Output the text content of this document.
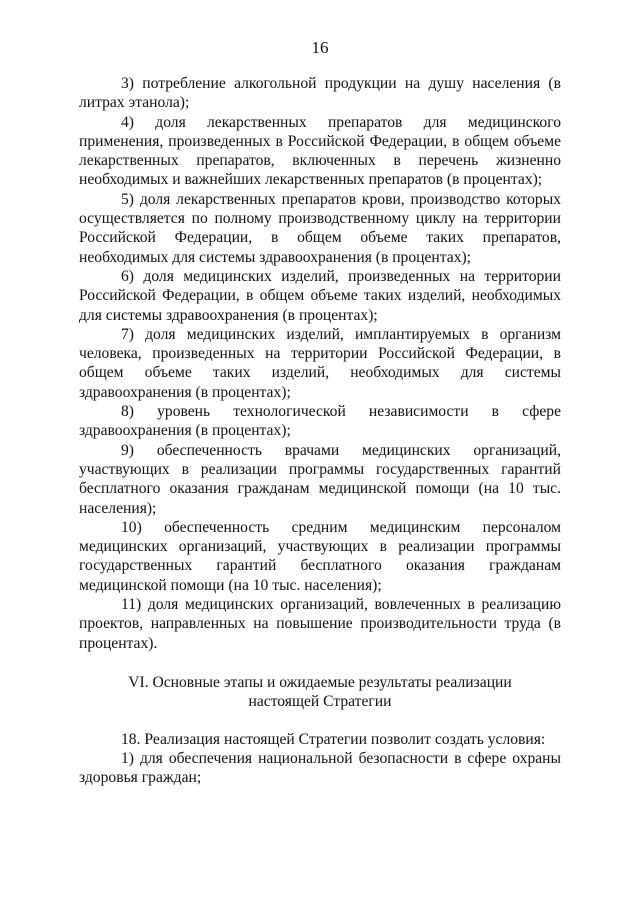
16

3) потребление алкогольной продукции на душу населения (в литрах этанола);

4) доля лекарственных препаратов для медицинского применения, произведенных в Российской Федерации, в общем объеме лекарственных препаратов, включенных в перечень жизненно необходимых и важнейших лекарственных препаратов (в процентах);

5) доля лекарственных препаратов крови, производство которых осуществляется по полному производственному циклу на территории Российской Федерации, в общем объеме таких препаратов, необходимых для системы здравоохранения (в процентах);

6) доля медицинских изделий, произведенных на территории Российской Федерации, в общем объеме таких изделий, необходимых для системы здравоохранения (в процентах);

7) доля медицинских изделий, имплантируемых в организм человека, произведенных на территории Российской Федерации, в общем объеме таких изделий, необходимых для системы здравоохранения (в процентах);

8) уровень технологической независимости в сфере здравоохранения (в процентах);

9) обеспеченность врачами медицинских организаций, участвующих в реализации программы государственных гарантий бесплатного оказания гражданам медицинской помощи (на 10 тыс. населения);

10) обеспеченность средним медицинским персоналом медицинских организаций, участвующих в реализации программы государственных гарантий бесплатного оказания гражданам медицинской помощи (на 10 тыс. населения);

11) доля медицинских организаций, вовлеченных в реализацию проектов, направленных на повышение производительности труда (в процентах).

VI. Основные этапы и ожидаемые результаты реализации
настоящей Стратегии

18. Реализация настоящей Стратегии позволит создать условия:

1) для обеспечения национальной безопасности в сфере охраны здоровья граждан;
